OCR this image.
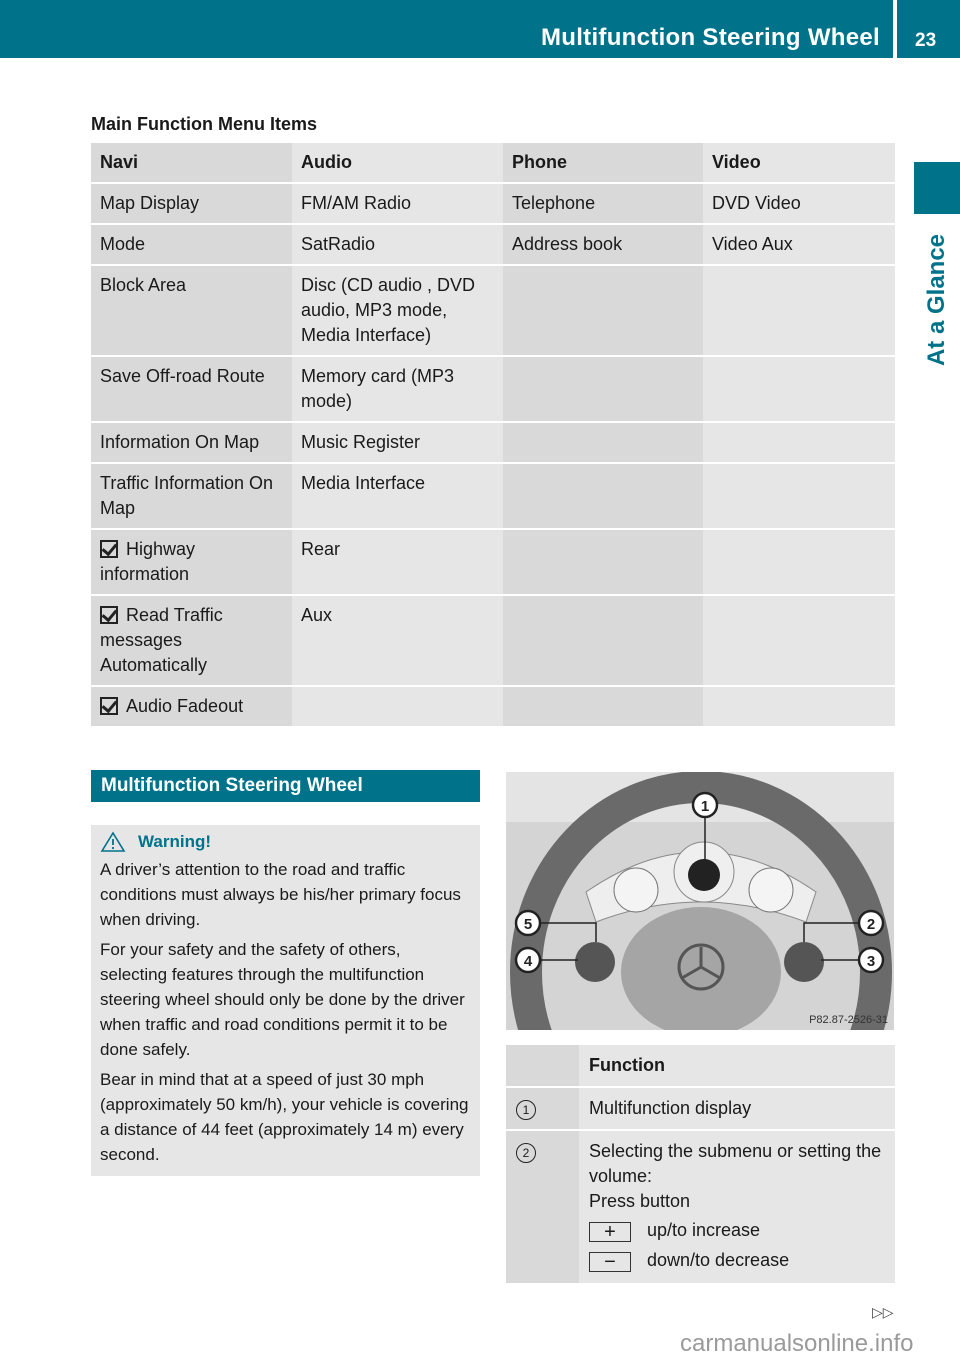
Multifunction Steering Wheel 23
At a Glance
Main Function Menu Items
Navi	Audio	Phone	Video
Map Display	FM/AM Radio	Telephone	DVD Video
Mode	SatRadio	Address book	Video Aux
Block Area	Disc (CD audio , DVD audio, MP3 mode, Media Interface)		
Save Off-road Route	Memory card (MP3 mode)		
Information On Map	Music Register		
Traffic Information On Map	Media Interface		
Highway information	Rear		
Read Traffic messages Automatically	Aux		
Audio Fadeout			
Multifunction Steering Wheel
Warning!

A driver’s attention to the road and traffic conditions must always be his/her primary focus when driving.

For your safety and the safety of others, selecting features through the multifunction steering wheel should only be done by the driver when traffic and road conditions permit it to be done safely.

Bear in mind that at a speed of just 30 mph (approximately 50 km/h), your vehicle is covering a distance of 44 feet (approximately 14 m) every second.

1
2
3
4
5
P82.87-2526-31
	Function
1	Multifunction display
2	Selecting the submenu or setting the volume:
Press button
+ up/to increase
− down/to decrease
▷▷
carmanualsonline.info
